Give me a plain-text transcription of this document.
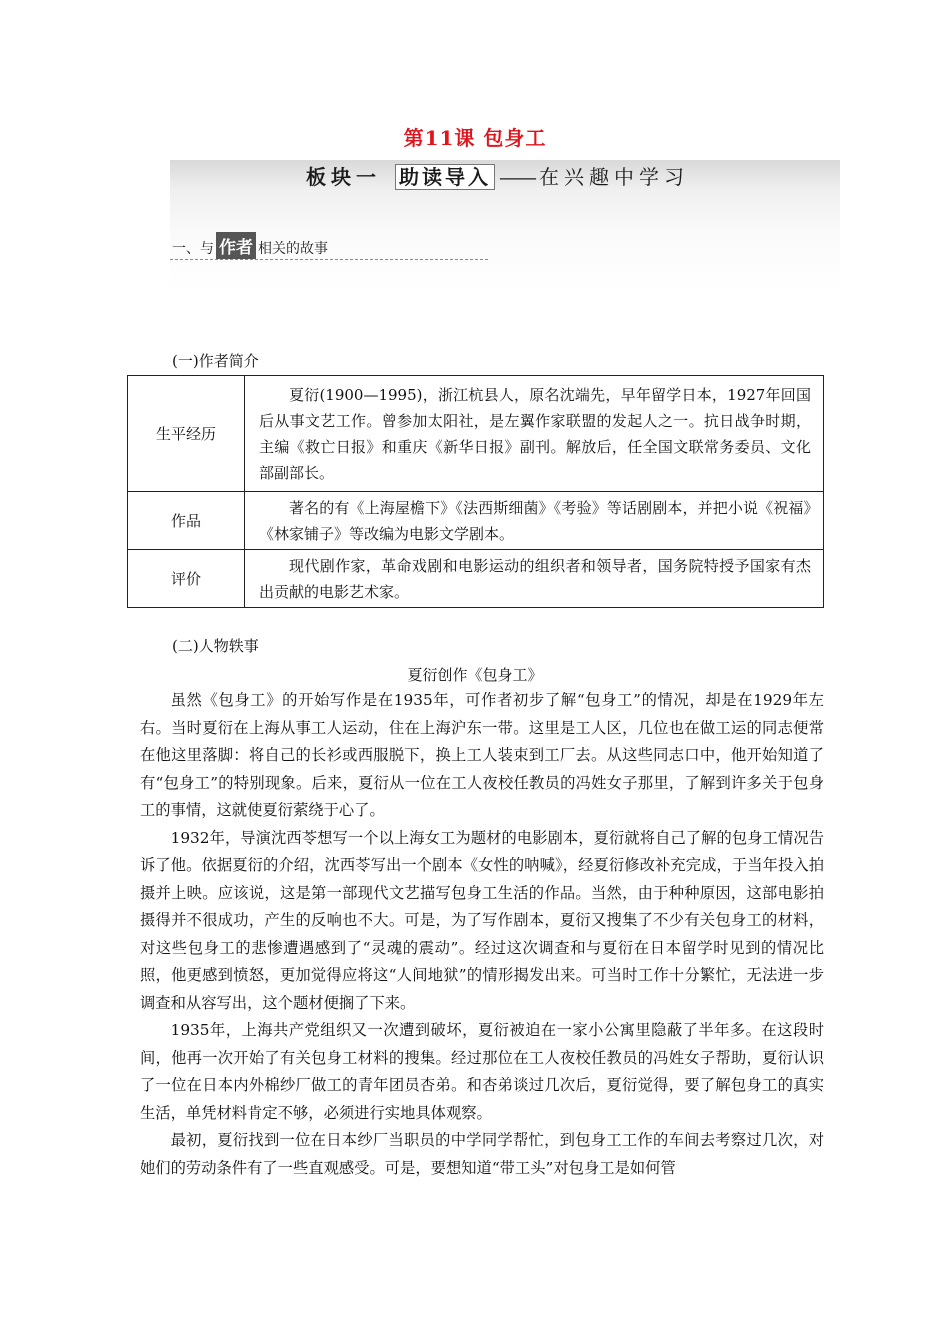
第11课 包身工
板块一 助读导入 —— 在兴趣中学习
一、与 作者 相关的故事
(一)作者简介
生平经历	夏衍(1900—1995)，浙江杭县人，原名沈端先，早年留学日本，1927年回国后从事文艺工作。曾参加太阳社，是左翼作家联盟的发起人之一。抗日战争时期，主编《救亡日报》和重庆《新华日报》副刊。解放后，任全国文联常务委员、文化部副部长。
作品	著名的有《上海屋檐下》《法西斯细菌》《考验》等话剧剧本，并把小说《祝福》《林家铺子》等改编为电影文学剧本。
评价	现代剧作家，革命戏剧和电影运动的组织者和领导者，国务院特授予国家有杰出贡献的电影艺术家。
(二)人物轶事
夏衍创作《包身工》

虽然《包身工》的开始写作是在1935年，可作者初步了解“包身工”的情况，却是在1929年左右。当时夏衍在上海从事工人运动，住在上海沪东一带。这里是工人区，几位也在做工运的同志便常在他这里落脚：将自己的长衫或西服脱下，换上工人装束到工厂去。从这些同志口中，他开始知道了有“包身工”的特别现象。后来，夏衍从一位在工人夜校任教员的冯姓女子那里，了解到许多关于包身工的事情，这就使夏衍萦绕于心了。

1932年，导演沈西苓想写一个以上海女工为题材的电影剧本，夏衍就将自己了解的包身工情况告诉了他。依据夏衍的介绍，沈西苓写出一个剧本《女性的呐喊》，经夏衍修改补充完成，于当年投入拍摄并上映。应该说，这是第一部现代文艺描写包身工生活的作品。当然，由于种种原因，这部电影拍摄得并不很成功，产生的反响也不大。可是，为了写作剧本，夏衍又搜集了不少有关包身工的材料，对这些包身工的悲惨遭遇感到了“灵魂的震动”。经过这次调查和与夏衍在日本留学时见到的情况比照，他更感到愤怒，更加觉得应将这“人间地狱”的情形揭发出来。可当时工作十分繁忙，无法进一步调查和从容写出，这个题材便搁了下来。

1935年，上海共产党组织又一次遭到破坏，夏衍被迫在一家小公寓里隐蔽了半年多。在这段时间，他再一次开始了有关包身工材料的搜集。经过那位在工人夜校任教员的冯姓女子帮助，夏衍认识了一位在日本内外棉纱厂做工的青年团员杏弟。和杏弟谈过几次后，夏衍觉得，要了解包身工的真实生活，单凭材料肯定不够，必须进行实地具体观察。

最初，夏衍找到一位在日本纱厂当职员的中学同学帮忙，到包身工工作的车间去考察过几次，对她们的劳动条件有了一些直观感受。可是，要想知道“带工头”对包身工是如何管
